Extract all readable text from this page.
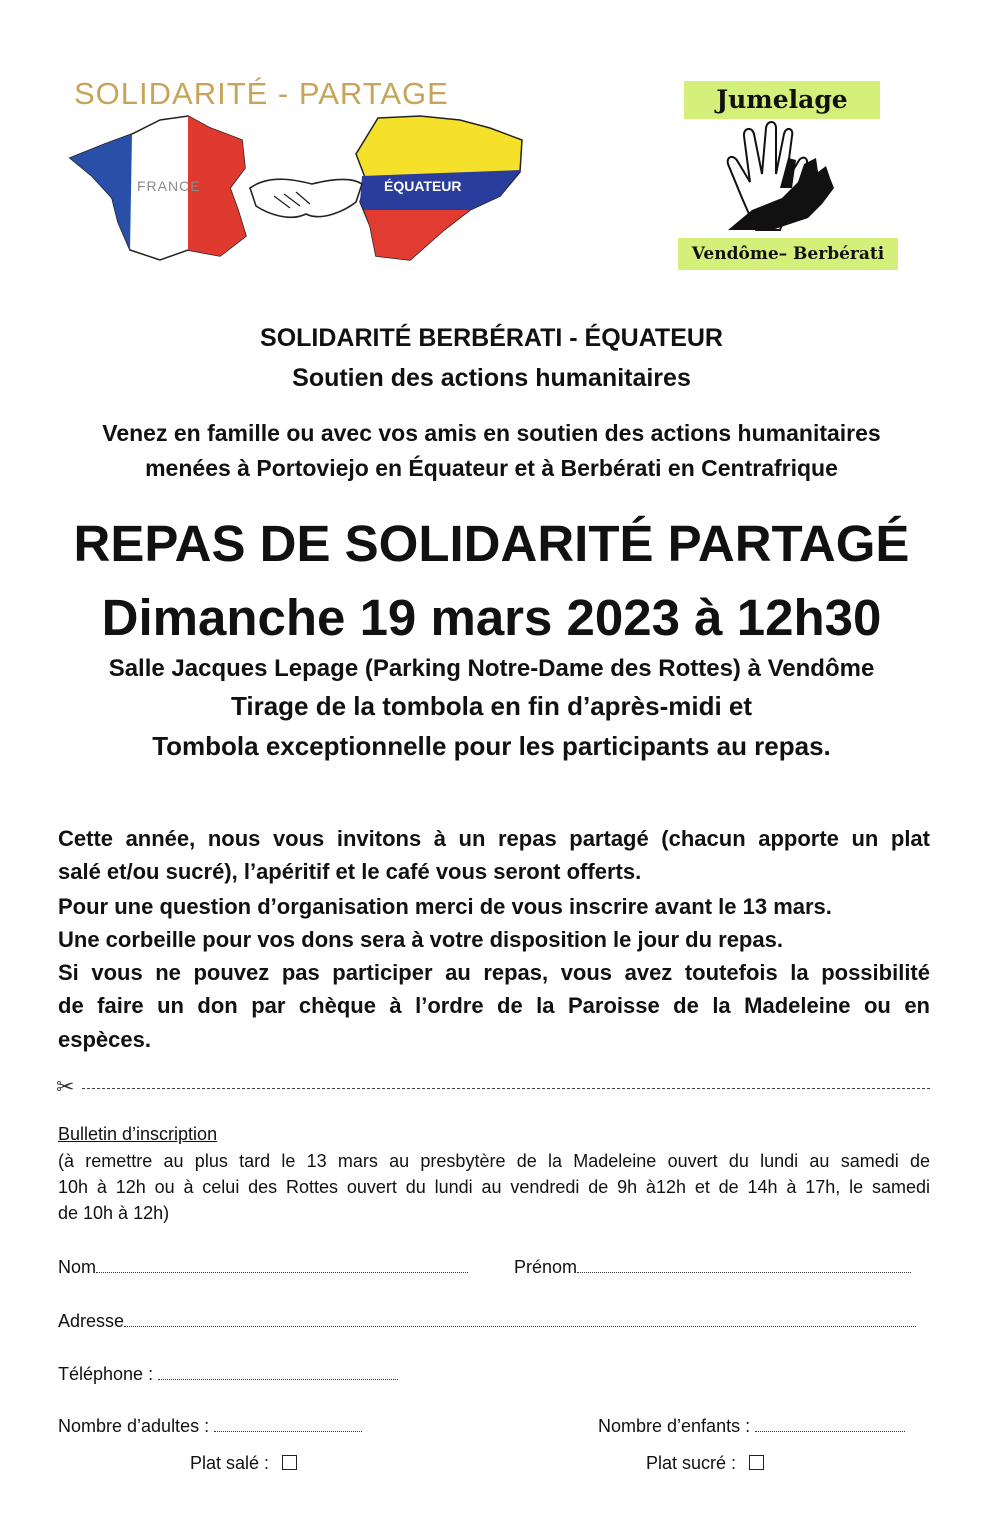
SOLIDARITÉ - PARTAGE
FRANCE	ÉQUATEUR
Jumelage
Vendôme– Berbérati
SOLIDARITÉ BERBÉRATI - ÉQUATEUR
Soutien des actions humanitaires
Venez en famille ou avec vos amis en soutien des actions humanitaires
menées à Portoviejo en Équateur et à Berbérati en Centrafrique
REPAS DE SOLIDARITÉ PARTAGÉ
Dimanche 19 mars 2023 à 12h30
Salle Jacques Lepage (Parking Notre-Dame des Rottes) à Vendôme
Tirage de la tombola en fin d’après-midi et
Tombola exceptionnelle pour les participants au repas.
Cette année, nous vous invitons à un repas partagé (chacun apporte un plat
salé et/ou sucré), l’apéritif et le café vous seront offerts.
Pour une question d’organisation merci de vous inscrire avant le 13 mars.
Une corbeille pour vos dons sera à votre disposition le jour du repas.
Si vous ne pouvez pas participer au repas, vous avez toutefois la possibilité
de faire un don par chèque à l’ordre de la Paroisse de la Madeleine ou en
espèces.
✂
Bulletin d’inscription
(à remettre au plus tard le 13 mars au presbytère de la Madeleine ouvert du lundi au samedi de
10h à 12h ou à celui des Rottes ouvert du lundi au vendredi de 9h à12h et de 14h à 17h, le samedi
de 10h à 12h)
Nom	Prénom
Adresse
Téléphone :
Nombre d’adultes :	Nombre d’enfants :
Plat salé :	Plat sucré :
